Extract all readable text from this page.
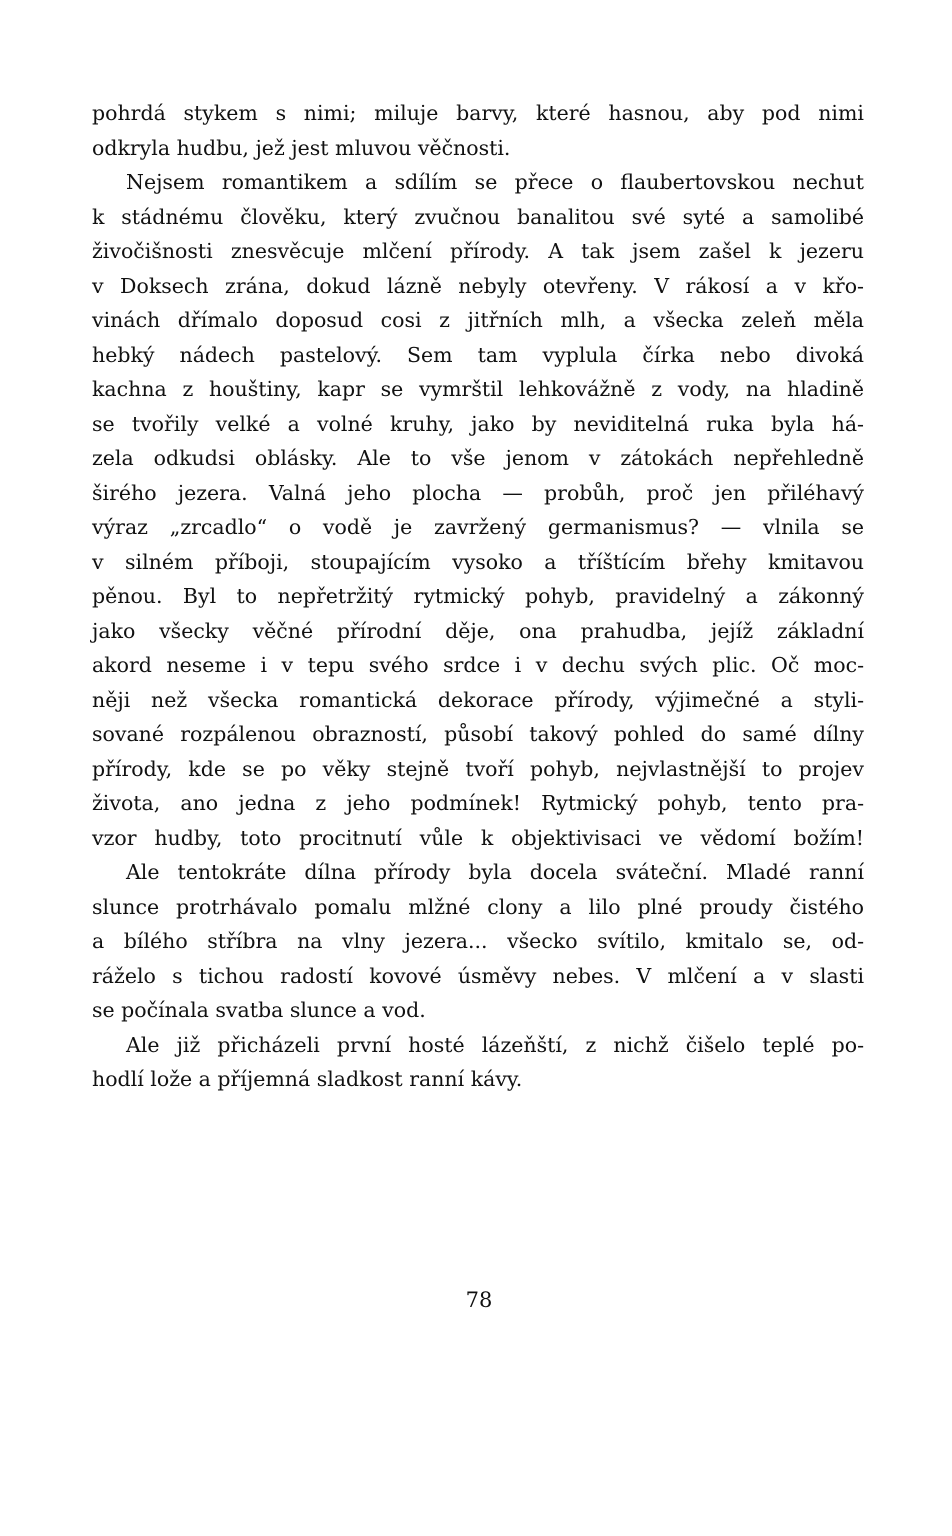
pohrdá stykem s nimi; miluje barvy, které hasnou, aby pod nimi
odkryla hudbu, jež jest mluvou věčnosti.
Nejsem romantikem a sdílím se přece o flaubertovskou nechut
k stádnému člověku, který zvučnou banalitou své syté a samolibé
živočišnosti znesvěcuje mlčení přírody. A tak jsem zašel k jezeru
v Doksech zrána, dokud lázně nebyly otevřeny. V rákosí a v křo-
vinách dřímalo doposud cosi z jitřních mlh, a všecka zeleň měla
hebký nádech pastelový. Sem tam vyplula čírka nebo divoká
kachna z houštiny, kapr se vymrštil lehkovážně z vody, na hladině
se tvořily velké a volné kruhy, jako by neviditelná ruka byla há-
zela odkudsi oblásky. Ale to vše jenom v zátokách nepřehledně
širého jezera. Valná jeho plocha — probůh, proč jen přiléhavý
výraz „zrcadlo“ o vodě je zavržený germanismus? — vlnila se
v silném příboji, stoupajícím vysoko a tříštícím břehy kmitavou
pěnou. Byl to nepřetržitý rytmický pohyb, pravidelný a zákonný
jako všecky věčné přírodní děje, ona prahudba, jejíž základní
akord neseme i v tepu svého srdce i v dechu svých plic. Oč moc-
něji než všecka romantická dekorace přírody, výjimečné a styli-
sované rozpálenou obrazností, působí takový pohled do samé dílny
přírody, kde se po věky stejně tvoří pohyb, nejvlastnější to projev
života, ano jedna z jeho podmínek! Rytmický pohyb, tento pra-
vzor hudby, toto procitnutí vůle k objektivisaci ve vědomí božím!
Ale tentokráte dílna přírody byla docela sváteční. Mladé ranní
slunce protrhávalo pomalu mlžné clony a lilo plné proudy čistého
a bílého stříbra na vlny jezera... všecko svítilo, kmitalo se, od-
ráželo s tichou radostí kovové úsměvy nebes. V mlčení a v slasti
se počínala svatba slunce a vod.
Ale již přicházeli první hosté lázeňští, z nichž čišelo teplé po-
hodlí lože a příjemná sladkost ranní kávy.
78
